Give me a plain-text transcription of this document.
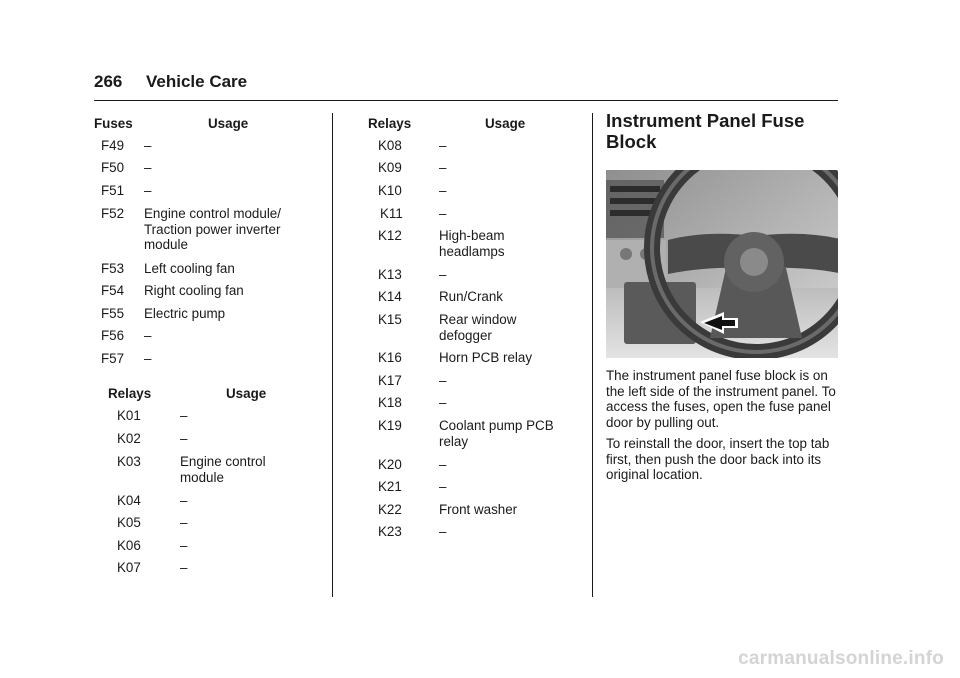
266 Vehicle Care
Fuses	Usage
F49 –
F50 –
F51 –
F52 Engine control module/ Traction power inverter module
F53 Left cooling fan
F54 Right cooling fan
F55 Electric pump
F56 –
F57 –
Relays	Usage
K01	–
K02	–
K03	Engine control module
K04	–
K05	–
K06	–
K07	–
Relays	Usage
K08	–
K09	–
K10	–
K11	–
K12	High-beam headlamps
K13	–
K14	Run/Crank
K15	Rear window defogger
K16	Horn PCB relay
K17	–
K18	–
K19	Coolant pump PCB relay
K20	–
K21	–
K22	Front washer
K23	–
Instrument Panel Fuse Block
The instrument panel fuse block is on the left side of the instrument panel. To access the fuses, open the fuse panel door by pulling out.
To reinstall the door, insert the top tab first, then push the door back into its original location.
carmanualsonline.info
